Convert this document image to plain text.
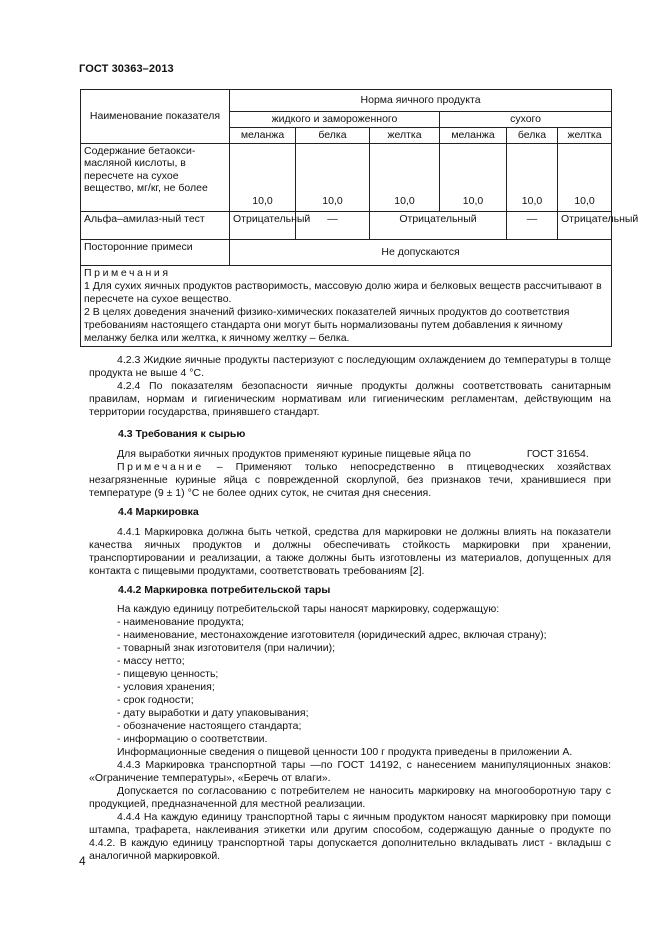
ГОСТ 30363–2013
Наименование показателя	Норма яичного продукта					
	жидкого и замороженного			сухого		
	меланжа	белка	желтка	меланжа	белка	желтка
Содержание бетаокси-масляной кислоты, в пересчете на сухое вещество, мг/кг, не более	10,0	10,0	10,0	10,0	10,0	10,0
Альфа–амилаз-ный тест	Отрицательный	—	Отрицательный		—	Отрицательный
Посторонние примеси	Не допускаются					

Примечания
1 Для сухих яичных продуктов растворимость, массовую долю жира и белковых веществ рассчитывают в пересчете на сухое вещество.
2 В целях доведения значений физико-химических показателей яичных продуктов до соответствия требованиям настоящего стандарта они могут быть нормализованы путем добавления к яичному меланжу белка или желтка, к яичному желтку – белка.						

4.2.3 Жидкие яичные продукты пастеризуют с последующим охлаждением до температуры в толще продукта не выше 4 °C.

4.2.4 По показателям безопасности яичные продукты должны соответствовать санитарным правилам, нормам и гигиеническим нормативам или гигиеническим регламентам, действующим на территории государства, принявшего стандарт.

4.3 Требования к сырью

Для выработки яичных продуктов применяют куриные пищевые яйца по	ГОСТ 31654.

Примечание – Применяют только непосредственно в птицеводческих хозяйствах незагрязненные куриные яйца с поврежденной скорлупой, без признаков течи, хранившиеся при температуре (9 ± 1) °C не более одних суток, не считая дня снесения.

4.4 Маркировка

4.4.1 Маркировка должна быть четкой, средства для маркировки не должны влиять на показатели качества яичных продуктов и должны обеспечивать стойкость маркировки при хранении, транспортировании и реализации, а также должны быть изготовлены из материалов, допущенных для контакта с пищевыми продуктами, соответствовать требованиям [2].

4.4.2 Маркировка потребительской тары

На каждую единицу потребительской тары наносят маркировку, содержащую:

- наименование продукта;

- наименование, местонахождение изготовителя (юридический адрес, включая страну);

- товарный знак изготовителя (при наличии);

- массу нетто;

- пищевую ценность;

- условия хранения;

- срок годности;

- дату выработки и дату упаковывания;

- обозначение настоящего стандарта;

- информацию о соответствии.

Информационные сведения о пищевой ценности 100 г продукта приведены в приложении А.

4.4.3 Маркировка транспортной тары —по ГОСТ 14192, с нанесением манипуляционных знаков: «Ограничение температуры», «Беречь от влаги».

Допускается по согласованию с потребителем не наносить маркировку на многооборотную тару с продукцией, предназначенной для местной реализации.

4.4.4 На каждую единицу транспортной тары с яичным продуктом наносят маркировку при помощи штампа, трафарета, наклеивания этикетки или другим способом, содержащую данные о продукте по 4.4.2. В каждую единицу транспортной тары допускается дополнительно вкладывать лист - вкладыш с аналогичной маркировкой.

4
